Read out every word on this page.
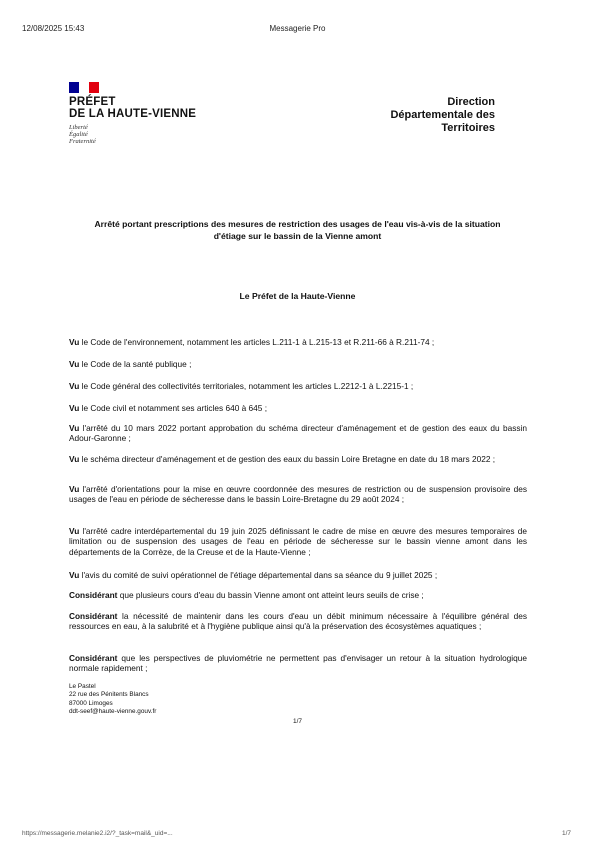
12/08/2025 15:43	Messagerie Pro
PRÉFET
DE LA HAUTE-VIENNE
Liberté
Égalité
Fraternité
Direction
Départementale des
Territoires
Arrêté portant prescriptions des mesures de restriction des usages de l'eau vis-à-vis de la situation
d'étiage sur le bassin de la Vienne amont
Le Préfet de la Haute-Vienne
Vu le Code de l'environnement, notamment les articles L.211-1 à L.215-13 et R.211-66 à R.211-74 ;
Vu le Code de la santé publique ;
Vu le Code général des collectivités territoriales, notamment les articles L.2212-1 à L.2215-1 ;
Vu le Code civil et notamment ses articles 640 à 645 ;
Vu l'arrêté du 10 mars 2022 portant approbation du schéma directeur d'aménagement et de gestion des eaux du bassin Adour-Garonne ;
Vu le schéma directeur d'aménagement et de gestion des eaux du bassin Loire Bretagne en date du 18 mars 2022 ;
Vu l'arrêté d'orientations pour la mise en œuvre coordonnée des mesures de restriction ou de suspension provisoire des usages de l'eau en période de sécheresse dans le bassin Loire-Bretagne du 29 août 2024 ;
Vu l'arrêté cadre interdépartemental du 19 juin 2025 définissant le cadre de mise en œuvre des mesures temporaires de limitation ou de suspension des usages de l'eau en période de sécheresse sur le bassin vienne amont dans les départements de la Corrèze, de la Creuse et de la Haute-Vienne ;
Vu l'avis du comité de suivi opérationnel de l'étiage départemental dans sa séance du 9 juillet 2025 ;
Considérant que plusieurs cours d'eau du bassin Vienne amont ont atteint leurs seuils de crise ;
Considérant la nécessité de maintenir dans les cours d'eau un débit minimum nécessaire à l'équilibre général des ressources en eau, à la salubrité et à l'hygiène publique ainsi qu'à la préservation des écosystèmes aquatiques ;
Considérant que les perspectives de pluviométrie ne permettent pas d'envisager un retour à la situation hydrologique normale rapidement ;
Le Pastel
22 rue des Pénitents Blancs
87000 Limoges
ddt-seef@haute-vienne.gouv.fr
1/7
https://messagerie.melanie2.i2/?_task=mail&_uid=...	1/7
